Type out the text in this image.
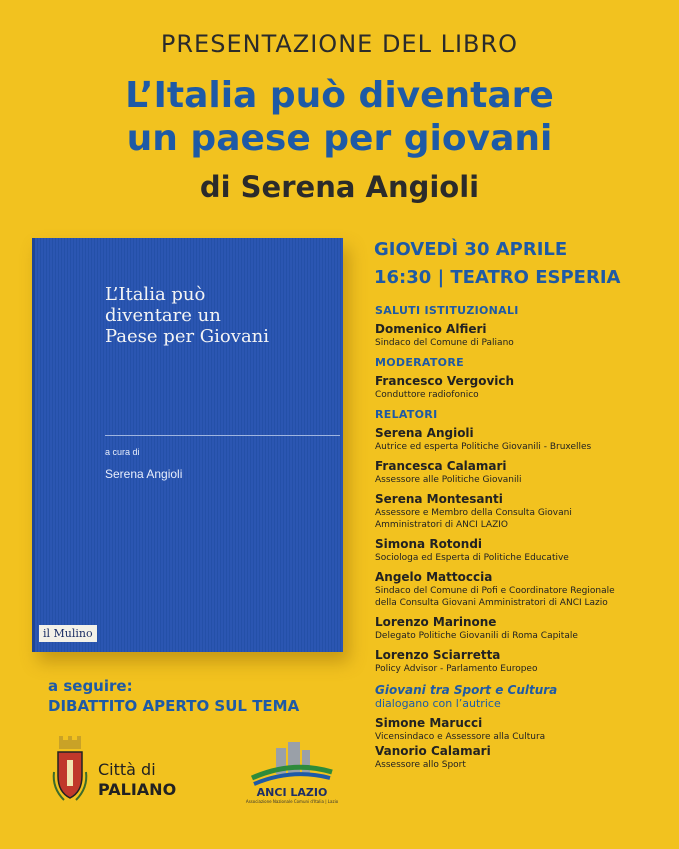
PRESENTAZIONE DEL LIBRO
L’Italia può diventare
un paese per giovani
di Serena Angioli
L’Italia può
diventare un
Paese per Giovani
a cura di
Serena Angioli
il Mulino
GIOVEDÌ 30 APRILE
16:30 | TEATRO ESPERIA
SALUTI ISTITUZIONALI
Domenico Alfieri
Sindaco del Comune di Paliano
MODERATORE
Francesco Vergovich
Conduttore radiofonico
RELATORI
Serena Angioli
Autrice ed esperta Politiche Giovanili - Bruxelles
Francesca Calamari
Assessore alle Politiche Giovanili
Serena Montesanti
Assessore e Membro della Consulta Giovani
Amministratori di ANCI LAZIO
Simona Rotondi
Sociologa ed Esperta di Politiche Educative
Angelo Mattoccia
Sindaco del Comune di Pofi e Coordinatore Regionale
della Consulta Giovani Amministratori di ANCI Lazio
Lorenzo Marinone
Delegato Politiche Giovanili di Roma Capitale
Lorenzo Sciarretta
Policy Advisor - Parlamento Europeo
Giovani tra Sport e Cultura
dialogano con l’autrice
Simone Marucci
Vicensindaco e Assessore alla Cultura
Vanorio Calamari
Assessore allo Sport
a seguire:
DIBATTITO APERTO SUL TEMA
Città di
PALIANO	ANCI LAZIO
Associazione Nazionale Comuni d'Italia | Lazio
